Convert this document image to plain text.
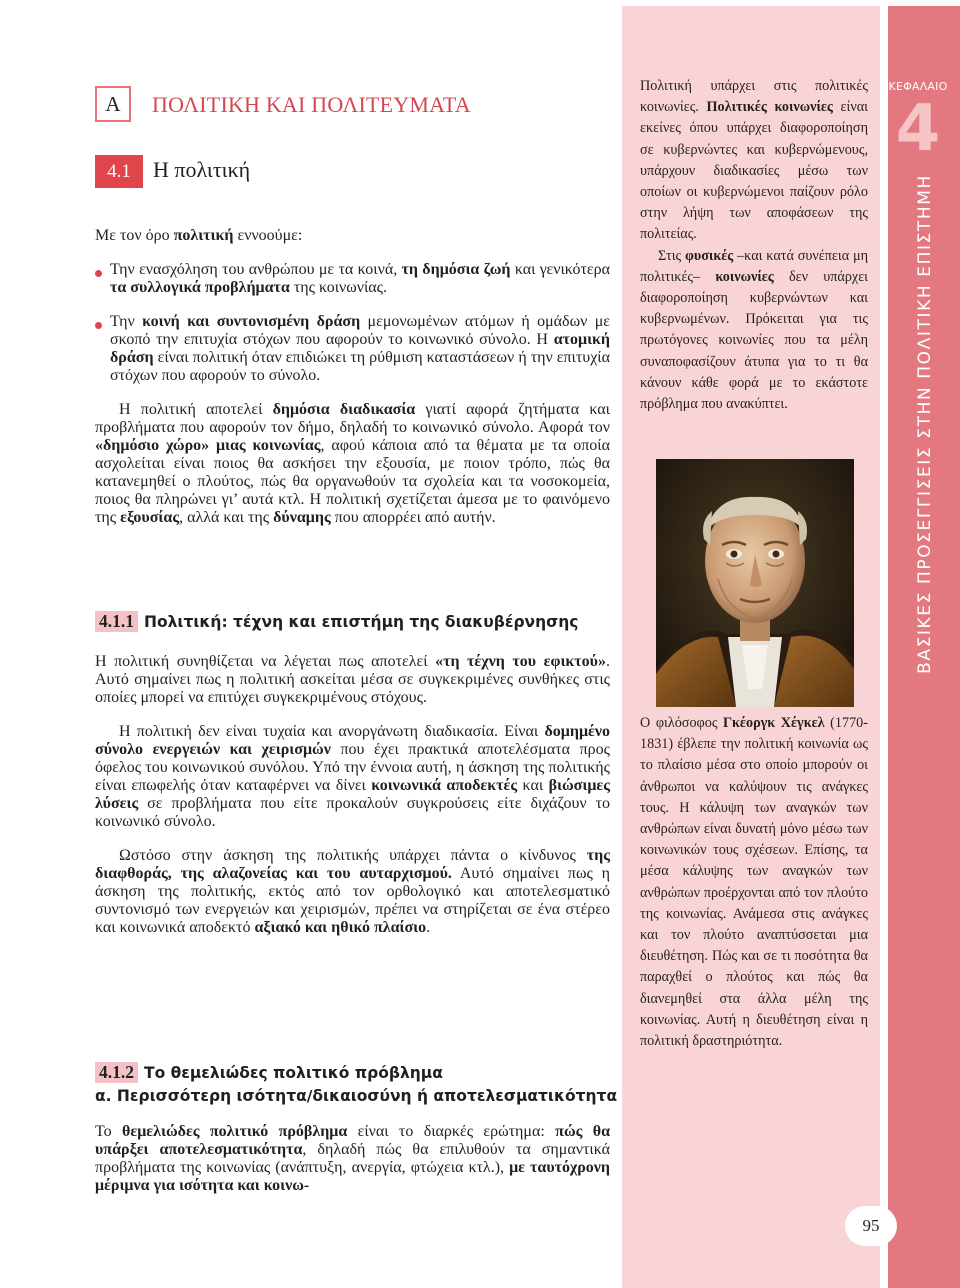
ΚΕΦΑΛΑΙΟ
4
ΒΑΣΙΚΕΣ ΠΡΟΣΕΓΓΙΣΕΙΣ ΣΤΗΝ ΠΟΛΙΤΙΚΗ ΕΠΙΣΤΗΜΗ
Α	ΠΟΛΙΤΙΚΗ ΚΑΙ ΠΟΛΙΤΕΥΜΑΤΑ
4.1	Η πολιτική

Με τον όρο πολιτική εννοούμε:

Την ενασχόληση του ανθρώπου με τα κοινά, τη δημόσια ζωή και γενικότερα τα συλλογικά προβλήματα της κοινωνίας.

Την κοινή και συντονισμένη δράση μεμονωμένων ατόμων ή ομάδων με σκοπό την επιτυχία στόχων που αφορούν το κοινωνικό σύνολο. Η ατομική δράση είναι πολιτική όταν επιδιώκει τη ρύθμιση καταστάσεων ή την επιτυχία στόχων που αφορούν το σύνολο.

Η πολιτική αποτελεί δημόσια διαδικασία γιατί αφορά ζητήματα και προβλήματα που αφορούν τον δήμο, δηλαδή το κοινωνικό σύνολο. Αφορά τον «δημόσιο χώρο» μιας κοινωνίας, αφού κάποια από τα θέματα με τα οποία ασχολείται είναι ποιος θα ασκήσει την εξουσία, με ποιον τρόπο, πώς θα κατανεμηθεί ο πλούτος, πώς θα οργανωθούν τα σχολεία και τα νοσοκομεία, ποιος θα πληρώνει γι’ αυτά κτλ. Η πολιτική σχετίζεται άμεσα με το φαινόμενο της εξουσίας, αλλά και της δύναμης που απορρέει από αυτήν.

4.1.1 Πολιτική: τέχνη και επιστήμη της διακυβέρνησης

Η πολιτική συνηθίζεται να λέγεται πως αποτελεί «τη τέχνη του εφικτού». Αυτό σημαίνει πως η πολιτική ασκείται μέσα σε συγκεκριμένες συνθήκες στις οποίες μπορεί να επιτύχει συγκεκριμένους στόχους.

Η πολιτική δεν είναι τυχαία και ανοργάνωτη διαδικασία. Είναι δομημένο σύνολο ενεργειών και χειρισμών που έχει πρακτικά αποτελέσματα προς όφελος του κοινωνικού συνόλου. Υπό την έννοια αυτή, η άσκηση της πολιτικής είναι επωφελής όταν καταφέρνει να δίνει κοινωνικά αποδεκτές και βιώσιμες λύσεις σε προβλήματα που είτε προκαλούν συγκρούσεις είτε διχάζουν το κοινωνικό σύνολο.

Ωστόσο στην άσκηση της πολιτικής υπάρχει πάντα ο κίνδυνος της διαφθοράς, της αλαζονείας και του αυταρχισμού. Αυτό σημαίνει πως η άσκηση της πολιτικής, εκτός από τον ορθολογικό και αποτελεσματικό συντονισμό των ενεργειών και χειρισμών, πρέπει να στηρίζεται σε ένα στέρεο και κοινωνικά αποδεκτό αξιακό και ηθικό πλαίσιο.

4.1.2 Το θεμελιώδες πολιτικό πρόβλημα
α. Περισσότερη ισότητα/δικαιοσύνη ή αποτελεσματικότητα

Το θεμελιώδες πολιτικό πρόβλημα είναι το διαρκές ερώτημα: πώς θα υπάρξει αποτελεσματικότητα, δηλαδή πώς θα επιλυθούν τα σημαντικά προβλήματα της κοινωνίας (ανάπτυξη, ανεργία, φτώχεια κτλ.), με ταυτόχρονη μέριμνα για ισότητα και κοινω-

Πολιτική υπάρχει στις πολιτικές κοινωνίες. Πολιτικές κοινωνίες είναι εκείνες όπου υπάρχει διαφοροποίηση σε κυβερνώντες και κυβερνώμενους, υπάρχουν διαδικασίες μέσω των οποίων οι κυβερνώμενοι παίζουν ρόλο στην λήψη των αποφάσεων της πολιτείας.

Στις φυσικές –και κατά συνέπεια μη πολιτικές– κοινωνίες δεν υπάρχει διαφοροποίηση κυβερνώντων και κυβερνωμένων. Πρόκειται για τις πρωτόγονες κοινωνίες που τα μέλη συναποφασίζουν άτυπα για το τι θα κάνουν κάθε φορά με το εκάστοτε πρόβλημα που ανακύπτει.

Ο φιλόσοφος Γκέοργκ Χέγκελ (1770-1831) έβλεπε την πολιτική κοινωνία ως το πλαίσιο μέσα στο οποίο μπορούν οι άνθρωποι να καλύψουν τις ανάγκες τους. Η κάλυψη των αναγκών των ανθρώπων είναι δυνατή μόνο μέσω των κοινωνικών τους σχέσεων. Επίσης, τα μέσα κάλυψης των αναγκών των ανθρώπων προέρχονται από τον πλούτο της κοινωνίας. Ανάμεσα στις ανάγκες και τον πλούτο αναπτύσσεται μια διευθέτηση. Πώς και σε τι ποσότητα θα παραχθεί ο πλούτος και πώς θα διανεμηθεί στα άλλα μέλη της κοινωνίας. Αυτή η διευθέτηση είναι η πολιτική δραστηριότητα.

95
